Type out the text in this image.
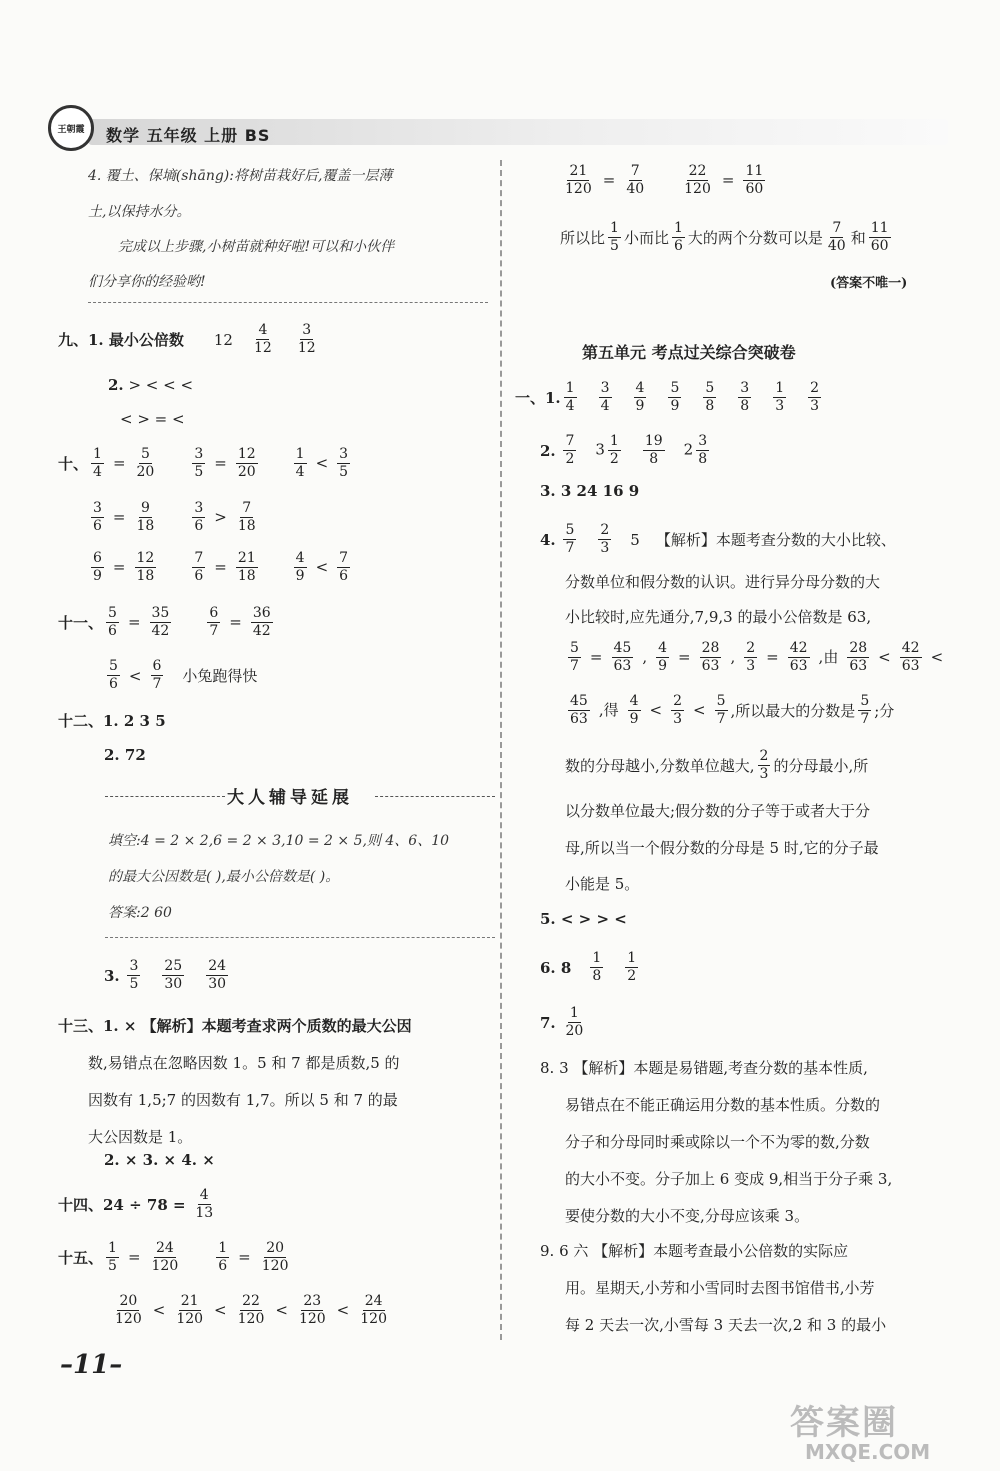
王朝霞 数学 五年级 上册 BS
4. 覆土、保墒(shāng):将树苗栽好后,覆盖一层薄
土,以保持水分。
完成以上步骤,小树苗就种好啦!可以和小伙伴
们分享你的经验哟!
九、1. 最小公倍数 $12 \frac{4}{12} \frac{3}{12}$
2.
> < < <
< > = <
十、 $\frac{1}{4} = \frac{5}{20}$	$\frac{3}{5} = \frac{12}{20}$	$\frac{1}{4} < \frac{3}{5}$
$\frac{3}{6} = \frac{9}{18}$	$\frac{3}{6} > \frac{7}{18}$
$\frac{6}{9} = \frac{12}{18}$	$\frac{7}{6} = \frac{21}{18}$	$\frac{4}{9} < \frac{7}{6}$
十一、 $\frac{5}{6} = \frac{35}{42}$	$\frac{6}{7} = \frac{36}{42}$
$\frac{5}{6} < \frac{6}{7}$ 小兔跑得快
十二、1. 2 3 5
2. 72
大人辅导延展
填空:4 = 2 × 2,6 = 2 × 3,10 = 2 × 5,则 4、6、10
的最大公因数是( ),最小公倍数是( )。
答案:2 60
3.
$\frac{3}{5} \frac{25}{30} \frac{24}{30}$
十三、1. × 【解析】本题考查求两个质数的最大公因
数,易错点在忽略因数 1。5 和 7 都是质数,5 的
因数有 1,5;7 的因数有 1,7。所以 5 和 7 的最
大公因数是 1。
2. × 3. × 4. ×
十四、24 ÷ 78 =
$\frac{4}{13}$
十五、 $\frac{1}{5} = \frac{24}{120}$	$\frac{1}{6} = \frac{20}{120}$
$\frac{20}{120} < \frac{21}{120} < \frac{22}{120} < \frac{23}{120} < \frac{24}{120}$
–11–
$\frac{21}{120} = \frac{7}{40}$	$\frac{22}{120} = \frac{11}{60}$
所以比 $\frac{1}{5}$ 小而比 $\frac{1}{6}$ 大的两个分数可以是 $\frac{7}{40}$ 和 $\frac{11}{60}$
(答案不唯一)
第五单元 考点过关综合突破卷
一、1. $\frac{1}{4} \frac{3}{4} \frac{4}{9} \frac{5}{9} \frac{5}{8} \frac{3}{8} \frac{1}{3} \frac{2}{3}$
2.
$\frac{7}{2} 3 \frac{1}{2} \frac{19}{8} 2 \frac{3}{8}$
3. 3 24 16 9
4.
$\frac{5}{7} \frac{2}{3} 5$ 【解析】本题考查分数的大小比较、
分数单位和假分数的认识。进行异分母分数的大
小比较时,应先通分,7,9,3 的最小公倍数是 63,
$\frac{5}{7} = \frac{45}{63}$ , $\frac{4}{9} = \frac{28}{63}$ , $\frac{2}{3} = \frac{42}{63}$ ,由 $\frac{28}{63} < \frac{42}{63}$ <
$\frac{45}{63}$ ,得 $\frac{4}{9} < \frac{2}{3} < \frac{5}{7}$ ,所以最大的分数是 $\frac{5}{7}$ ;分
数的分母越小,分数单位越大, $\frac{2}{3}$ 的分母最小,所
以分数单位最大;假分数的分子等于或者大于分
母,所以当一个假分数的分母是 5 时,它的分子最
小能是 5。
5. < > > <
6. $8 \frac{1}{8} \frac{1}{2}$
7.
$\frac{1}{20}$
8. 3 【解析】本题是易错题,考查分数的基本性质,
易错点在不能正确运用分数的基本性质。分数的
分子和分母同时乘或除以一个不为零的数,分数
的大小不变。分子加上 6 变成 9,相当于分子乘 3,
要使分数的大小不变,分母应该乘 3。
9. 6 六 【解析】本题考查最小公倍数的实际应
用。星期天,小芳和小雪同时去图书馆借书,小芳
每 2 天去一次,小雪每 3 天去一次,2 和 3 的最小
答案圈
MXQE.COM
